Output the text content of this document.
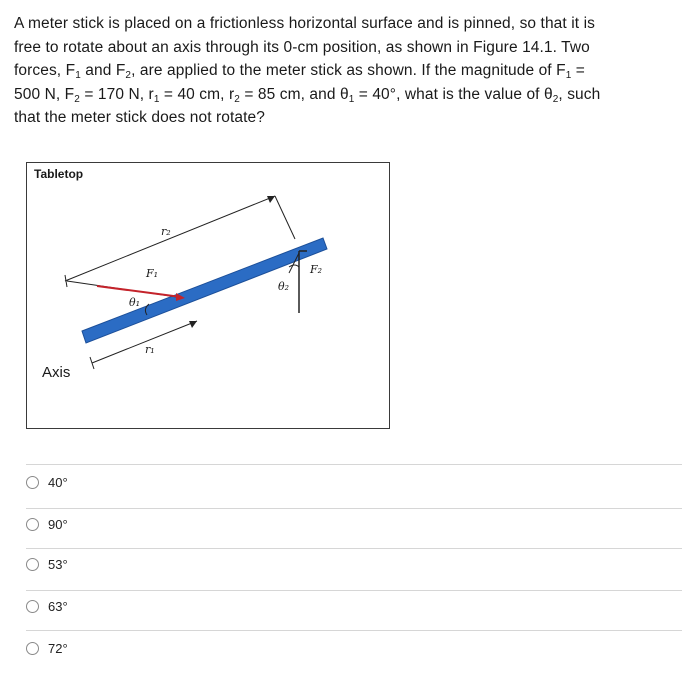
A meter stick is placed on a frictionless horizontal surface and is pinned, so that it is
free to rotate about an axis through its 0-cm position, as shown in Figure 14.1. Two
forces, $F_1$ and $F_2$, are applied to the meter stick as shown. If the magnitude of $F_1$ =
500 N, $F_2 = 170$ N, $r_1 = 40$ cm, $r_2 = 85$ cm, and $\theta_1 = 40^\circ$, what is the value of $\theta_2$, such
that the meter stick does not rotate?
Tabletop
r₂
F₁	F₂
θ₁
θ₂
r₁
Axis
40°
90°
53°
63°
72°
